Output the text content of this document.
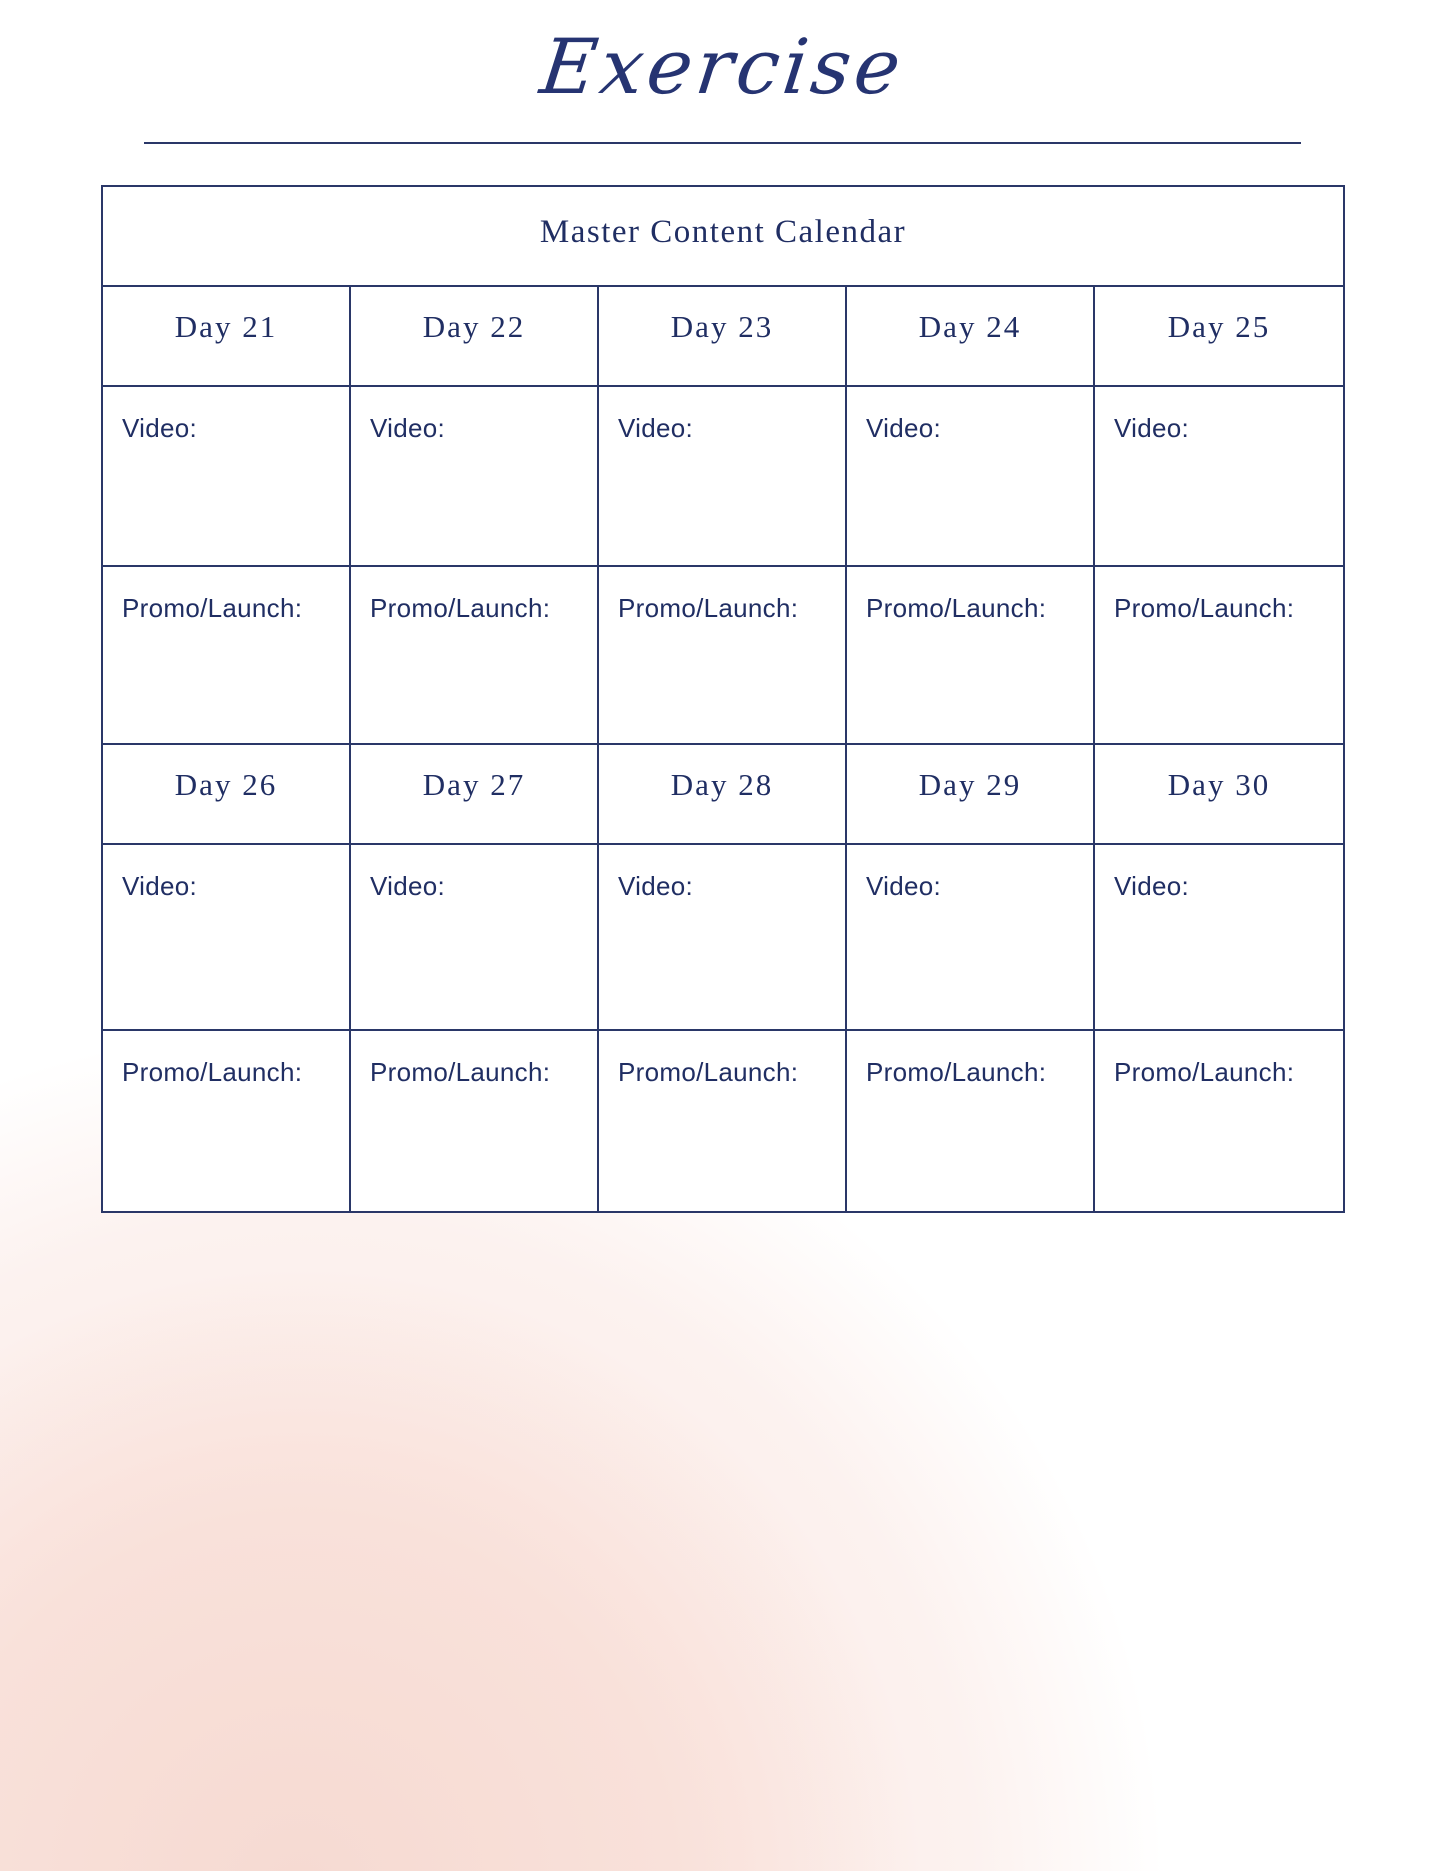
Exercise
Master Content Calendar
Day 21	Day 22	Day 23	Day 24	Day 25
Video:	Video:	Video:	Video:	Video:
Promo/Launch:	Promo/Launch:	Promo/Launch:	Promo/Launch:	Promo/Launch:
Day 26	Day 27	Day 28	Day 29	Day 30
Video:	Video:	Video:	Video:	Video:
Promo/Launch:	Promo/Launch:	Promo/Launch:	Promo/Launch:	Promo/Launch:
